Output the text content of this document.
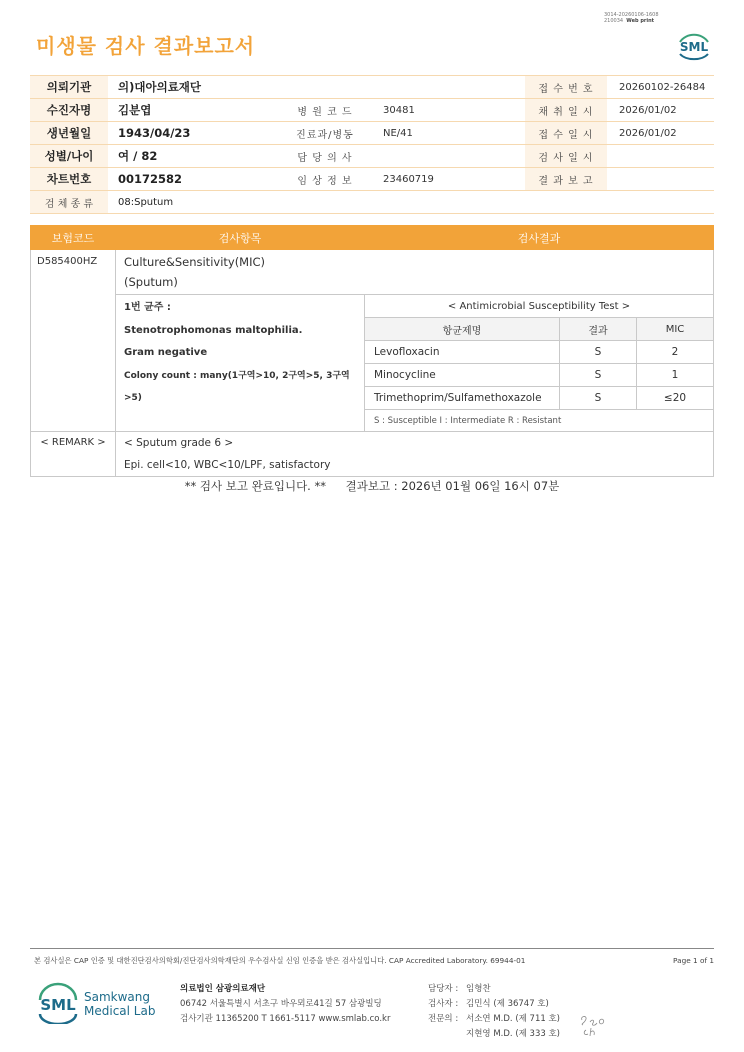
미생물 검사 결과보고서
3014-20260106-1608
210034 Web print
SML
의뢰기관	의)대아의료재단			접 수 번 호	20260102-26484
수진자명	김분엽	병 원 코 드	30481	채 취 일 시	2026/01/02
생년월일	1943/04/23	진료과/병동	NE/41	접 수 일 시	2026/01/02
성별/나이	여 / 82	담 당 의 사		검 사 일 시	
차트번호	00172582	임 상 정 보	23460719	결 과 보 고	
검 체 종 류	08:Sputum				
보험코드	검사항목	검사결과
D585400HZ	Culture&Sensitivity(MIC)
(Sputum)

1번 균주 :
Stenotrophomonas maltophilia.
Gram negative
Colony count : many(1구역>10, 2구역>5, 3구역>5)

< Antimicrobial Susceptibility Test >
항균제명	결과	MIC
Levofloxacin	S	2
Minocycline	S	1
Trimethoprim/Sulfamethoxazole	S	≤20
S : Susceptible I : Intermediate R : Resistant

< REMARK >	< Sputum grade 6 >
Epi. cell<10, WBC<10/LPF, satisfactory
** 검사 보고 완료입니다. ** 결과보고 : 2026년 01월 06일 16시 07분
본 검사실은 CAP 인증 및 대한진단검사의학회/진단검사의학재단의 우수검사실 신임 인증을 받은 검사실입니다. CAP Accredited Laboratory. 69944-01	Page 1 of 1
SML Samkwang
Medical Lab
의료법인 삼광의료재단
06742 서울특별시 서초구 바우뫼로41길 57 삼광빌딩
검사기관 11365200 T 1661-5117 www.smlab.co.kr
담당자 : 임형찬
검사자 : 김민식 (제 36747 호)
전문의 : 서소연 M.D. (제 711 호)
지현영 M.D. (제 333 호)
